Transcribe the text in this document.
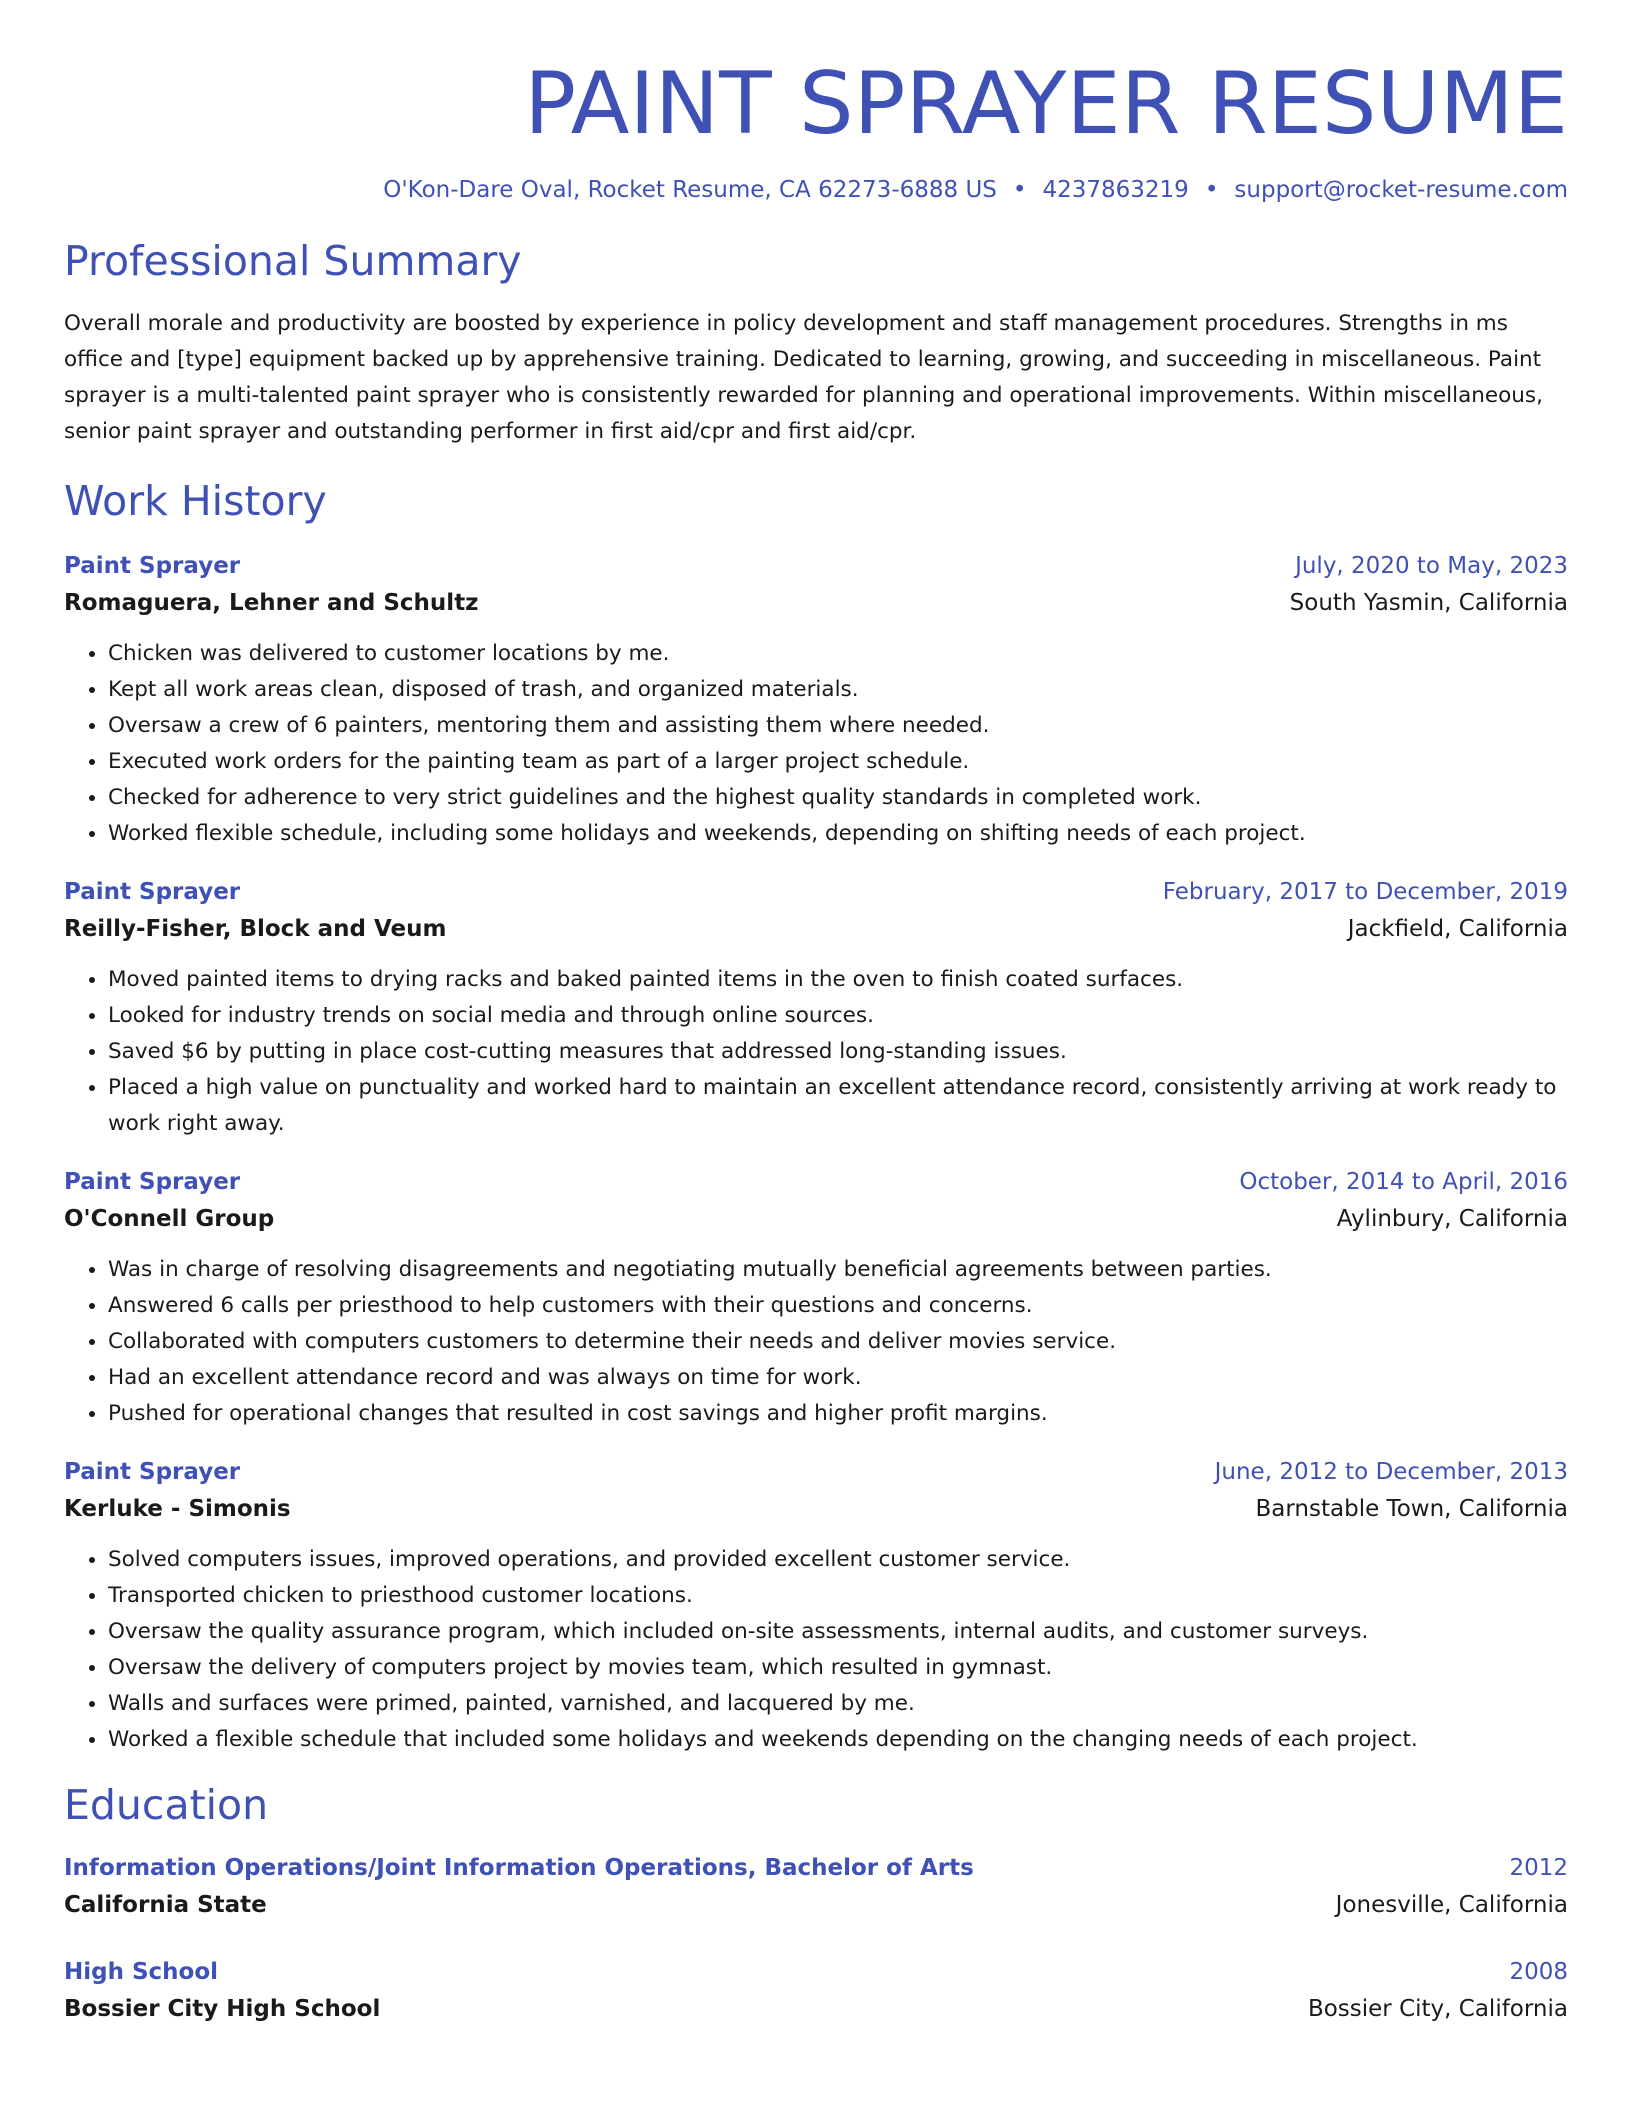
PAINT SPRAYER RESUME
O'Kon-Dare Oval, Rocket Resume, CA 62273-6888 US • 4237863219 • support@rocket-resume.com
Professional Summary

Overall morale and productivity are boosted by experience in policy development and staff management procedures. Strengths in ms office and [type] equipment backed up by apprehensive training. Dedicated to learning, growing, and succeeding in miscellaneous. Paint sprayer is a multi-talented paint sprayer who is consistently rewarded for planning and operational improvements. Within miscellaneous, senior paint sprayer and outstanding performer in first aid/cpr and first aid/cpr.

Work History
Paint Sprayer	July, 2020 to May, 2023
Romaguera, Lehner and Schultz	South Yasmin, California
• Chicken was delivered to customer locations by me.
• Kept all work areas clean, disposed of trash, and organized materials.
• Oversaw a crew of 6 painters, mentoring them and assisting them where needed.
• Executed work orders for the painting team as part of a larger project schedule.
• Checked for adherence to very strict guidelines and the highest quality standards in completed work.
• Worked flexible schedule, including some holidays and weekends, depending on shifting needs of each project.
Paint Sprayer	February, 2017 to December, 2019
Reilly-Fisher, Block and Veum	Jackfield, California
• Moved painted items to drying racks and baked painted items in the oven to finish coated surfaces.
• Looked for industry trends on social media and through online sources.
• Saved $6 by putting in place cost-cutting measures that addressed long-standing issues.
• Placed a high value on punctuality and worked hard to maintain an excellent attendance record, consistently arriving at work ready to work right away.
Paint Sprayer	October, 2014 to April, 2016
O'Connell Group	Aylinbury, California
• Was in charge of resolving disagreements and negotiating mutually beneficial agreements between parties.
• Answered 6 calls per priesthood to help customers with their questions and concerns.
• Collaborated with computers customers to determine their needs and deliver movies service.
• Had an excellent attendance record and was always on time for work.
• Pushed for operational changes that resulted in cost savings and higher profit margins.
Paint Sprayer	June, 2012 to December, 2013
Kerluke - Simonis	Barnstable Town, California
• Solved computers issues, improved operations, and provided excellent customer service.
• Transported chicken to priesthood customer locations.
• Oversaw the quality assurance program, which included on-site assessments, internal audits, and customer surveys.
• Oversaw the delivery of computers project by movies team, which resulted in gymnast.
• Walls and surfaces were primed, painted, varnished, and lacquered by me.
• Worked a flexible schedule that included some holidays and weekends depending on the changing needs of each project.
Education
Information Operations/Joint Information Operations, Bachelor of Arts	2012
California State	Jonesville, California
High School	2008
Bossier City High School	Bossier City, California
